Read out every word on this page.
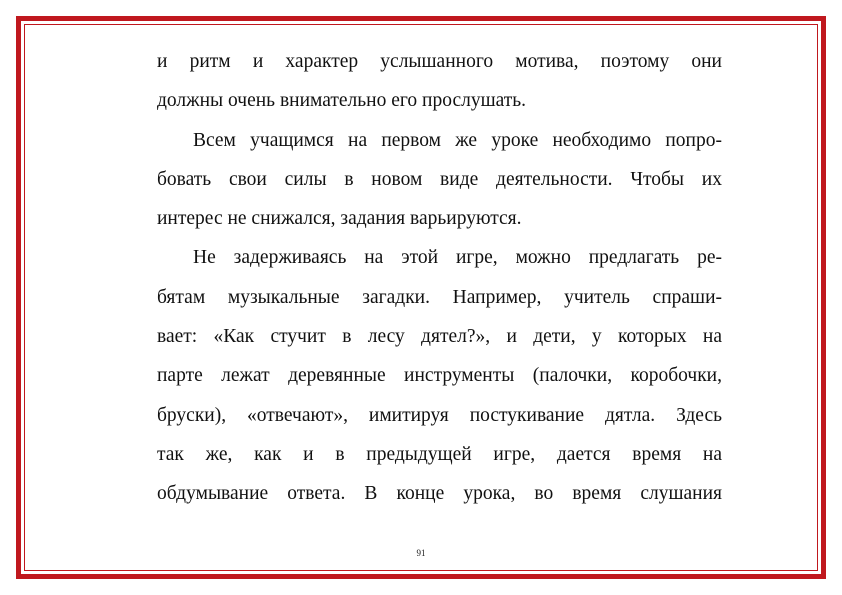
и ритм и характер услышанного мотива, поэтому они
должны очень внимательно его прослушать.
Всем учащимся на первом же уроке необходимо попро-
бовать свои силы в новом виде деятельности. Чтобы их
интерес не снижался, задания варьируются.
Не задерживаясь на этой игре, можно предлагать ре-
бятам музыкальные загадки. Например, учитель спраши-
вает: «Как стучит в лесу дятел?», и дети, у которых на
парте лежат деревянные инструменты (палочки, коробочки,
бруски), «отвечают», имитируя постукивание дятла. Здесь
так же, как и в предыдущей игре, дается время на
обдумывание ответа. В конце урока, во время слушания
91
